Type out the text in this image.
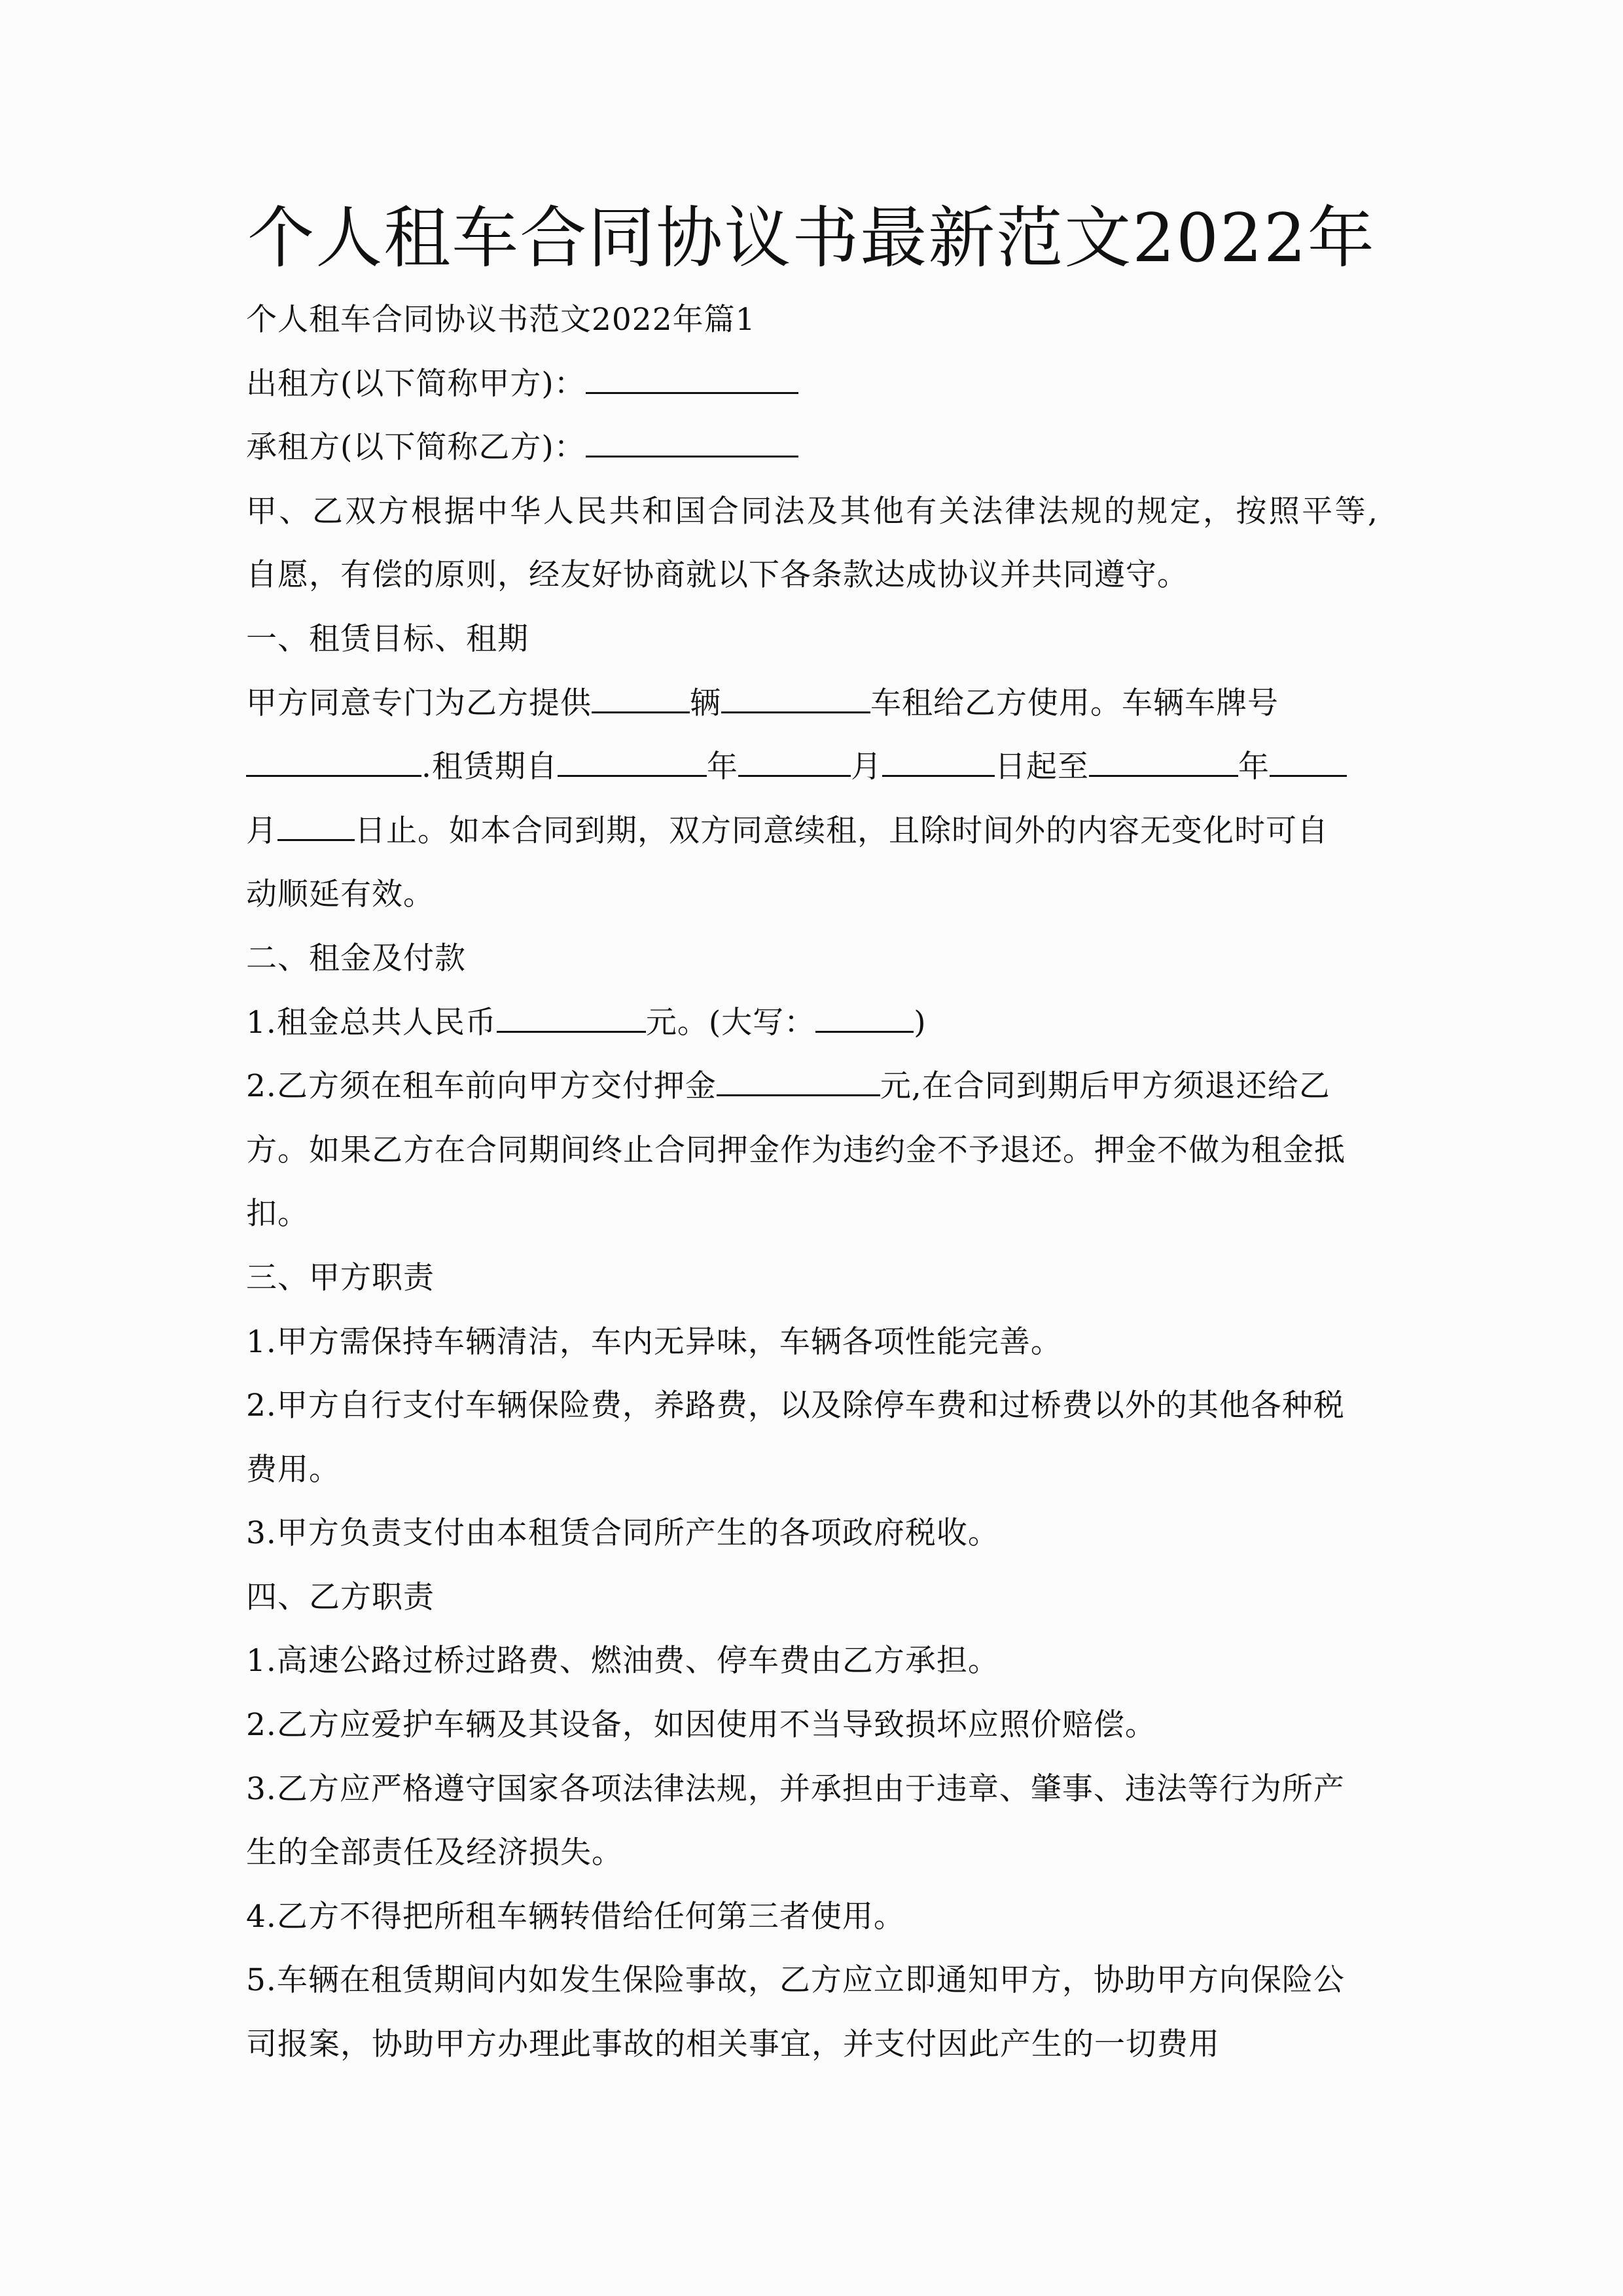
个人租车合同协议书最新范文2022年
个人租车合同协议书范文2022年篇1
出租方(以下简称甲方)：
承租方(以下简称乙方)：
甲、乙双方根据中华人民共和国合同法及其他有关法律法规的规定，按照平等,
自愿，有偿的原则，经友好协商就以下各条款达成协议并共同遵守。
一、租赁目标、租期
甲方同意专门为乙方提供	辆	车租给乙方使用。车辆车牌号
.租赁期自	年	月	日起至	年
月	日止。如本合同到期，双方同意续租，且除时间外的内容无变化时可自
动顺延有效。
二、租金及付款
1.租金总共人民币	元。(大写：	)
2.乙方须在租车前向甲方交付押金	元,在合同到期后甲方须退还给乙
方。如果乙方在合同期间终止合同押金作为违约金不予退还。押金不做为租金抵
扣。
三、甲方职责
1.甲方需保持车辆清洁，车内无异味，车辆各项性能完善。
2.甲方自行支付车辆保险费，养路费，以及除停车费和过桥费以外的其他各种税
费用。
3.甲方负责支付由本租赁合同所产生的各项政府税收。
四、乙方职责
1.高速公路过桥过路费、燃油费、停车费由乙方承担。
2.乙方应爱护车辆及其设备，如因使用不当导致损坏应照价赔偿。
3.乙方应严格遵守国家各项法律法规，并承担由于违章、肇事、违法等行为所产
生的全部责任及经济损失。
4.乙方不得把所租车辆转借给任何第三者使用。
5.车辆在租赁期间内如发生保险事故，乙方应立即通知甲方，协助甲方向保险公
司报案，协助甲方办理此事故的相关事宜，并支付因此产生的一切费用
